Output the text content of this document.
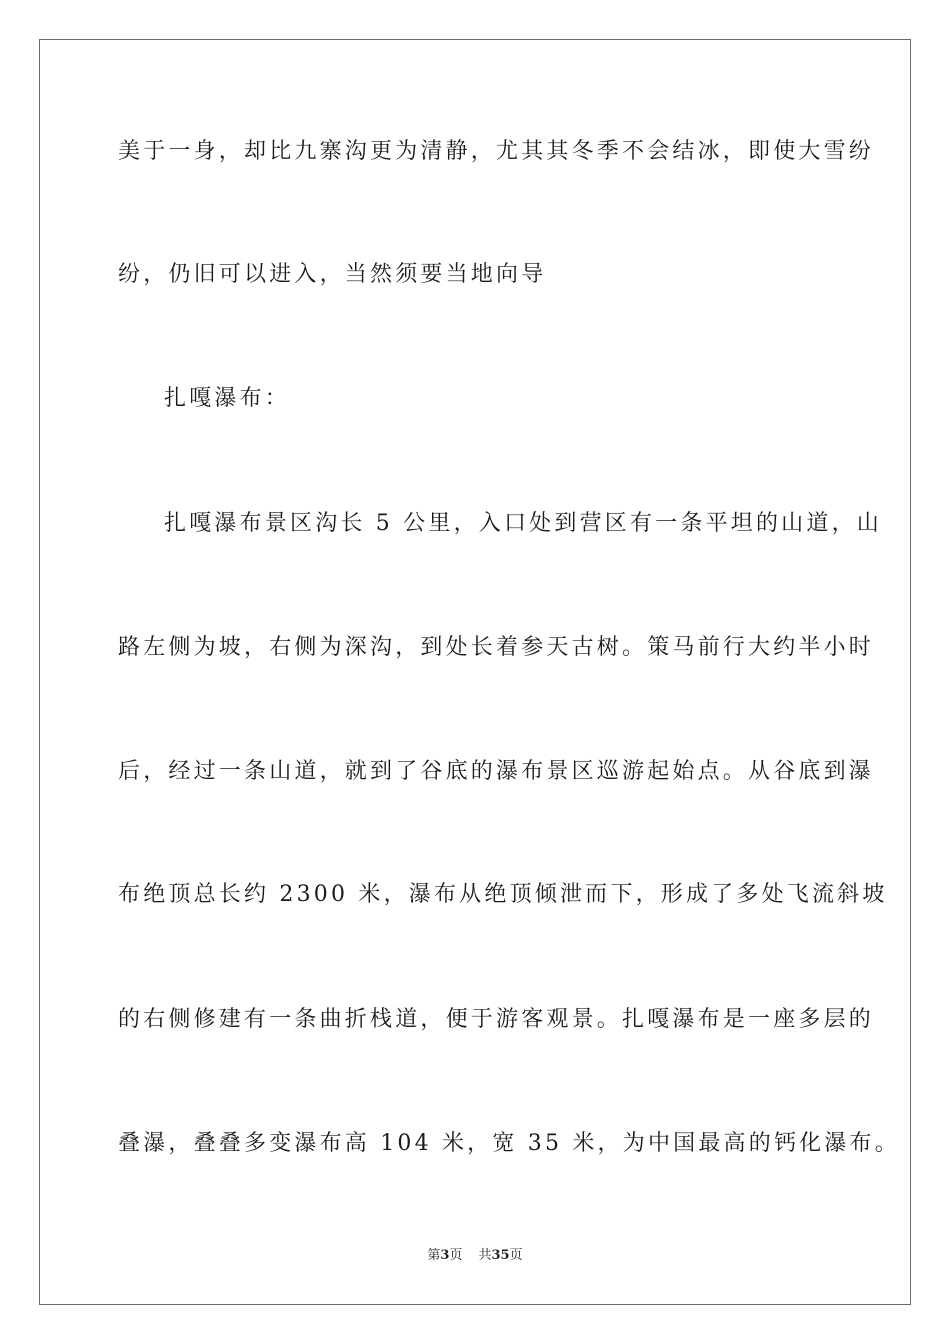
美于一身，却比九寨沟更为清静，尤其其冬季不会结冰，即使大雪纷
纷，仍旧可以进入，当然须要当地向导
扎嘎瀑布：
扎嘎瀑布景区沟长 5 公里，入口处到营区有一条平坦的山道，山
路左侧为坡，右侧为深沟，到处长着参天古树。策马前行大约半小时
后，经过一条山道，就到了谷底的瀑布景区巡游起始点。从谷底到瀑
布绝顶总长约 2300 米，瀑布从绝顶倾泄而下，形成了多处飞流斜坡
的右侧修建有一条曲折栈道，便于游客观景。扎嘎瀑布是一座多层的
叠瀑，叠叠多变瀑布高 104 米，宽 35 米，为中国最高的钙化瀑布。
第3页 共35页
